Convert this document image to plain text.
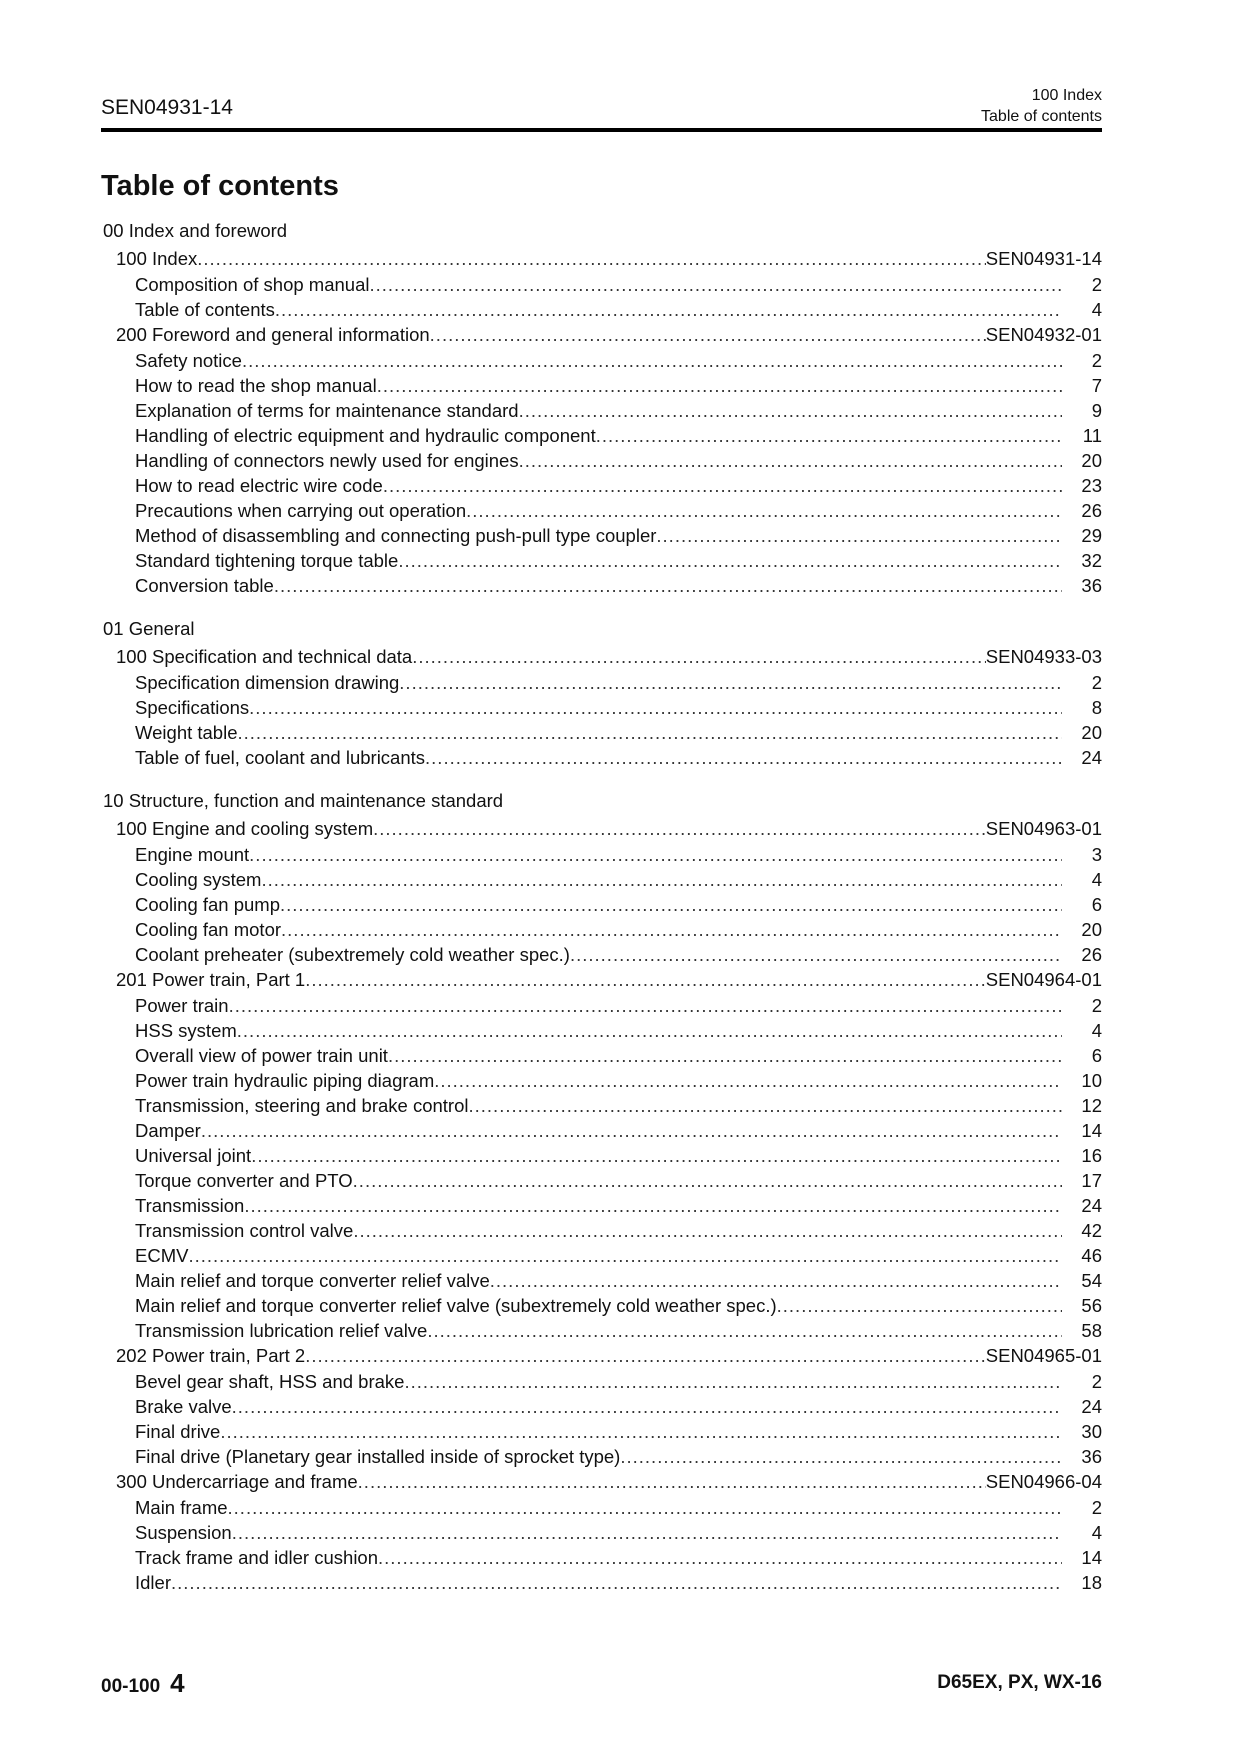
SEN04931-14
100 Index
Table of contents
Table of contents
00 Index and foreword
100 Index .....	SEN04931-14
Composition of shop manual .....	2
Table of contents .....	4
200 Foreword and general information .....	SEN04932-01
Safety notice .....	2
How to read the shop manual .....	7
Explanation of terms for maintenance standard .....	9
Handling of electric equipment and hydraulic component .....	11
Handling of connectors newly used for engines .....	20
How to read electric wire code .....	23
Precautions when carrying out operation .....	26
Method of disassembling and connecting push-pull type coupler .....	29
Standard tightening torque table .....	32
Conversion table .....	36
01 General
100 Specification and technical data .....	SEN04933-03
Specification dimension drawing .....	2
Specifications .....	8
Weight table .....	20
Table of fuel, coolant and lubricants .....	24
10 Structure, function and maintenance standard
100 Engine and cooling system .....	SEN04963-01
Engine mount .....	3
Cooling system .....	4
Cooling fan pump .....	6
Cooling fan motor .....	20
Coolant preheater (subextremely cold weather spec.) .....	26
201 Power train, Part 1 .....	SEN04964-01
Power train .....	2
HSS system .....	4
Overall view of power train unit .....	6
Power train hydraulic piping diagram .....	10
Transmission, steering and brake control .....	12
Damper .....	14
Universal joint .....	16
Torque converter and PTO .....	17
Transmission .....	24
Transmission control valve .....	42
ECMV .....	46
Main relief and torque converter relief valve .....	54
Main relief and torque converter relief valve (subextremely cold weather spec.) .....	56
Transmission lubrication relief valve .....	58
202 Power train, Part 2 .....	SEN04965-01
Bevel gear shaft, HSS and brake .....	2
Brake valve .....	24
Final drive .....	30
Final drive (Planetary gear installed inside of sprocket type) .....	36
300 Undercarriage and frame .....	SEN04966-04
Main frame .....	2
Suspension .....	4
Track frame and idler cushion .....	14
Idler .....	18
00-100 4	D65EX, PX, WX-16
